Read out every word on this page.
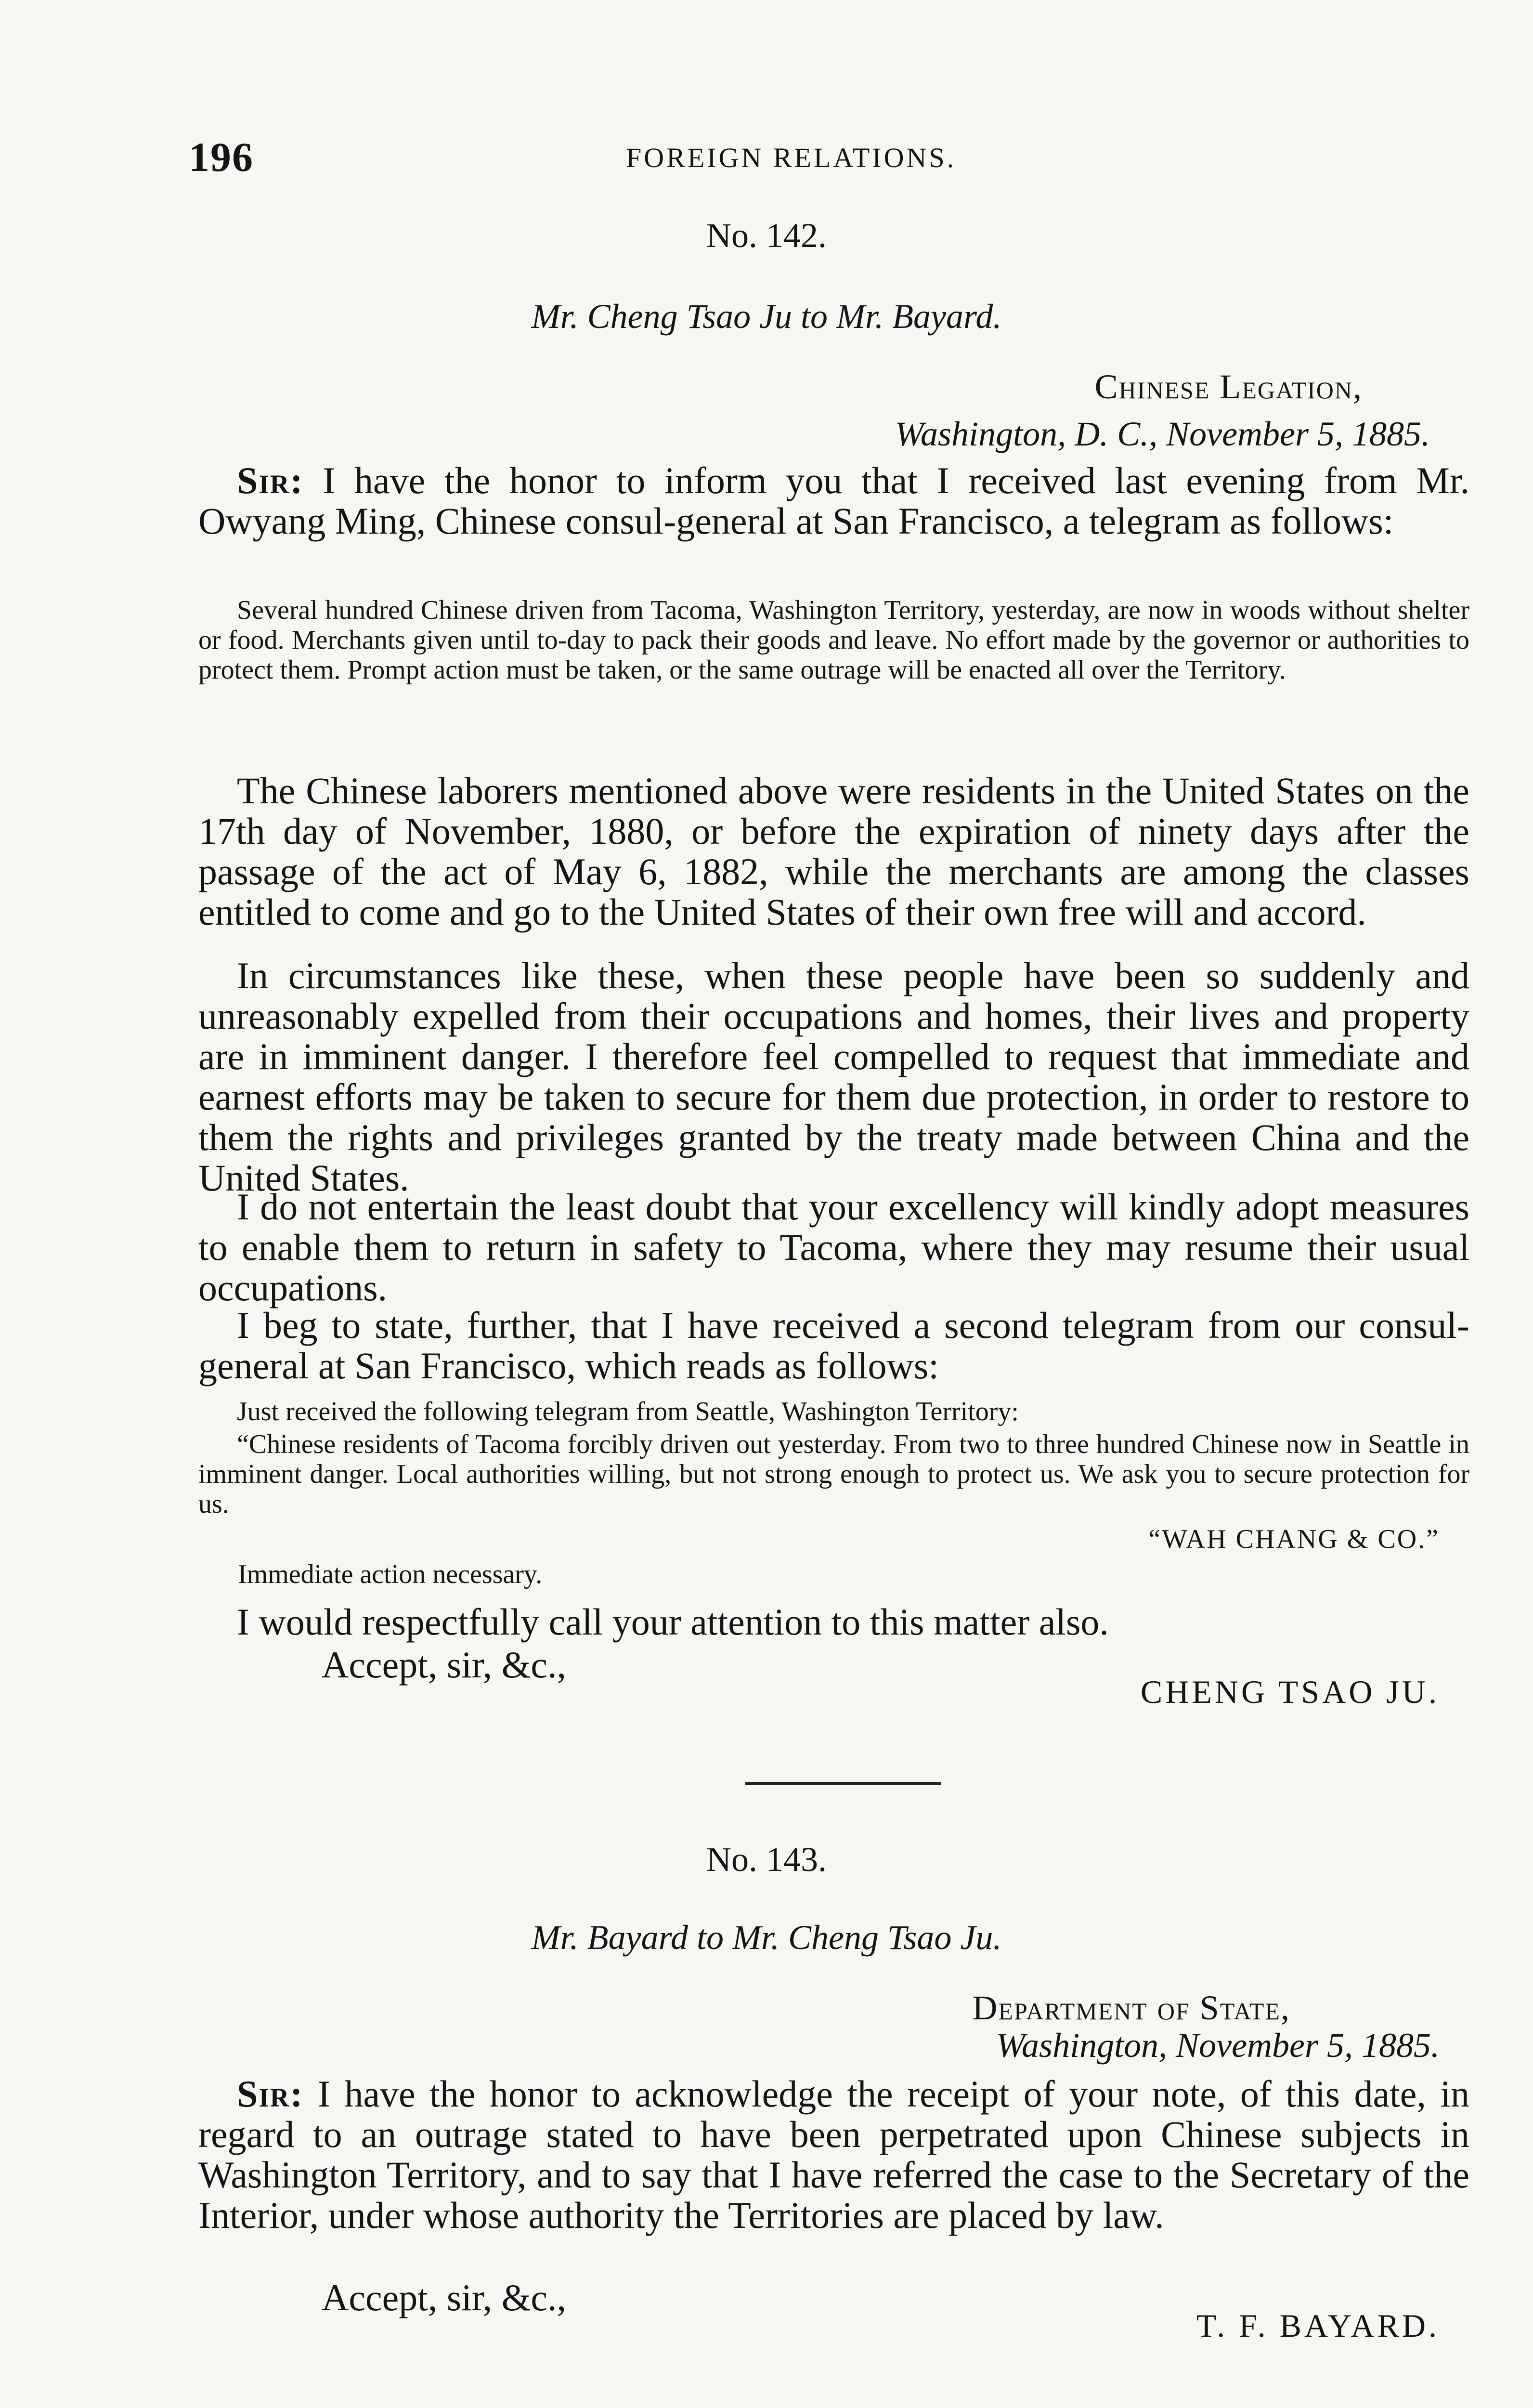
196	FOREIGN RELATIONS.
No. 142.
Mr. Cheng Tsao Ju to Mr. Bayard.
Chinese Legation,
Washington, D. C., November 5, 1885.

Sir: I have the honor to inform you that I received last evening from Mr. Owyang Ming, Chinese consul-general at San Francisco, a telegram as follows:

Several hundred Chinese driven from Tacoma, Washington Territory, yesterday, are now in woods without shelter or food. Merchants given until to-day to pack their goods and leave. No effort made by the governor or authorities to protect them. Prompt action must be taken, or the same outrage will be enacted all over the Territory.

The Chinese laborers mentioned above were residents in the United States on the 17th day of November, 1880, or before the expiration of ninety days after the passage of the act of May 6, 1882, while the merchants are among the classes entitled to come and go to the United States of their own free will and accord.

In circumstances like these, when these people have been so suddenly and unreasonably expelled from their occupations and homes, their lives and property are in imminent danger. I therefore feel compelled to request that immediate and earnest efforts may be taken to secure for them due protection, in order to restore to them the rights and privileges granted by the treaty made between China and the United States.

I do not entertain the least doubt that your excellency will kindly adopt measures to enable them to return in safety to Tacoma, where they may resume their usual occupations.

I beg to state, further, that I have received a second telegram from our consul-general at San Francisco, which reads as follows:

Just received the following telegram from Seattle, Washington Territory:

“Chinese residents of Tacoma forcibly driven out yesterday. From two to three hundred Chinese now in Seattle in imminent danger. Local authorities willing, but not strong enough to protect us. We ask you to secure protection for us.

“WAH CHANG & CO.”

Immediate action necessary.

I would respectfully call your attention to this matter also.

Accept, sir, &c.,
CHENG TSAO JU.
No. 143.
Mr. Bayard to Mr. Cheng Tsao Ju.
Department of State,
Washington, November 5, 1885.

Sir: I have the honor to acknowledge the receipt of your note, of this date, in regard to an outrage stated to have been perpetrated upon Chinese subjects in Washington Territory, and to say that I have referred the case to the Secretary of the Interior, under whose authority the Territories are placed by law.

Accept, sir, &c.,
T. F. BAYARD.
